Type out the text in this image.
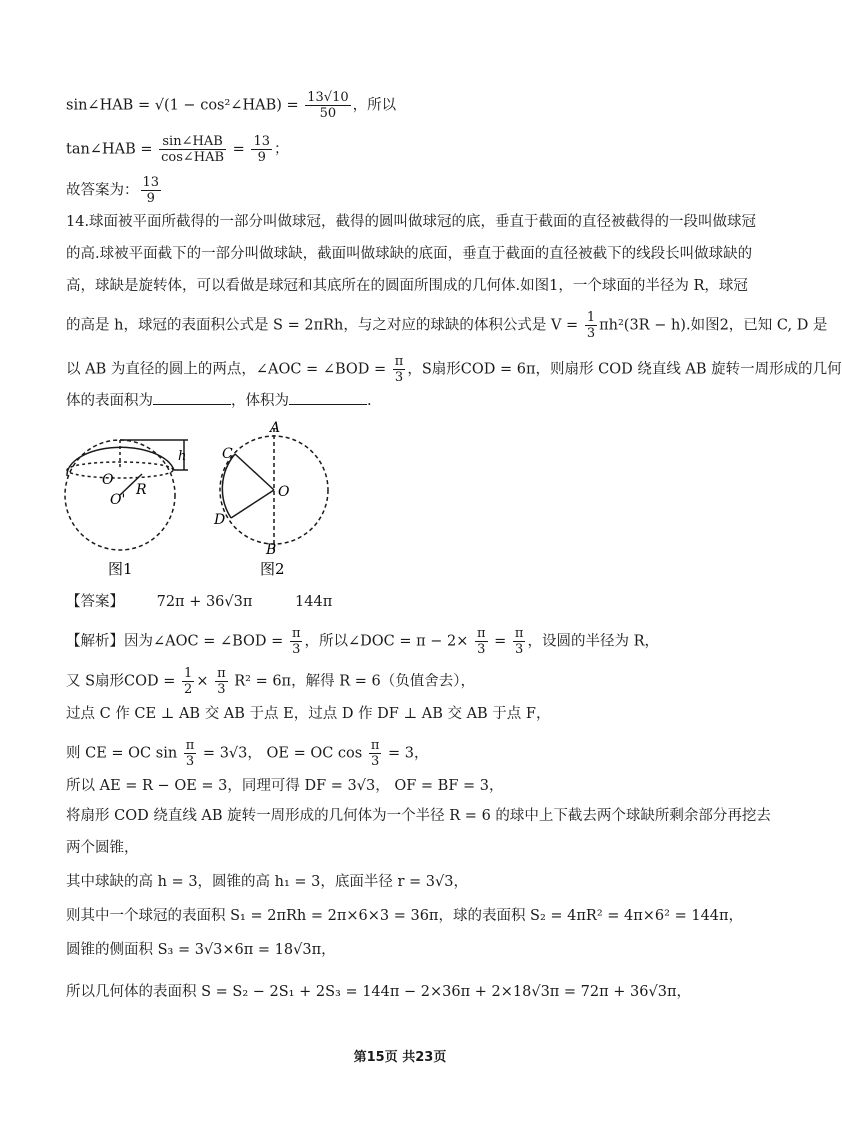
sin∠HAB = √(1 − cos²∠HAB) = $\frac{13√10}{50}$ ，所以
tan∠HAB = $\frac{\text{sin∠HAB}}{\text{cos∠HAB}} = \frac{13}{9}$ ；
故答案为： $\frac{13}{9}$
14.球面被平面所截得的一部分叫做球冠，截得的圆叫做球冠的底，垂直于截面的直径被截得的一段叫做球冠
的高.球被平面截下的一部分叫做球缺，截面叫做球缺的底面，垂直于截面的直径被截下的线段长叫做球缺的
高，球缺是旋转体，可以看做是球冠和其底所在的圆面所围成的几何体.如图1，一个球面的半径为 R，球冠
的高是 h，球冠的表面积公式是 S = 2πRh，与之对应的球缺的体积公式是 $V = \frac{1}{3} \pi h^2(3R - h)$.如图2，已知 C, D 是
以 AB 为直径的圆上的两点，∠AOC = ∠BOD = $\frac{\pi}{3}$ ，S扇形COD = 6π，则扇形 COD 绕直线 AB 旋转一周形成的几何
体的表面积为	，体积为	.
O
O'
R
h
图1
A
B
C
D
O
图2
【答案】 72π + 36√3π	144π
【解析】因为∠AOC = ∠BOD = $\frac{\pi}{3}$ ，所以∠DOC = $\pi - 2\times \frac{\pi}{3} = \frac{\pi}{3}$ ，设圆的半径为 R，
又 S扇形COD = $\frac{1}{2} \times \frac{\pi}{3} R^2 = 6\pi$，解得 R = 6（负值舍去），
过点 C 作 CE ⊥ AB 交 AB 于点 E，过点 D 作 DF ⊥ AB 交 AB 于点 F，
则 CE = OC $\sin \frac{\pi}{3} = 3√3$， OE = OC $\cos \frac{\pi}{3} = 3$，
所以 AE = R − OE = 3，同理可得 DF = 3√3， OF = BF = 3，
将扇形 COD 绕直线 AB 旋转一周形成的几何体为一个半径 R = 6 的球中上下截去两个球缺所剩余部分再挖去
两个圆锥，
其中球缺的高 h = 3，圆锥的高 h₁ = 3，底面半径 r = 3√3，
则其中一个球冠的表面积 S₁ = 2πRh = 2π×6×3 = 36π，球的表面积 S₂ = 4πR² = 4π×6² = 144π，
圆锥的侧面积 S₃ = 3√3×6π = 18√3π，
所以几何体的表面积 S = S₂ − 2S₁ + 2S₃ = 144π − 2×36π + 2×18√3π = 72π + 36√3π，
第15页 共23页
